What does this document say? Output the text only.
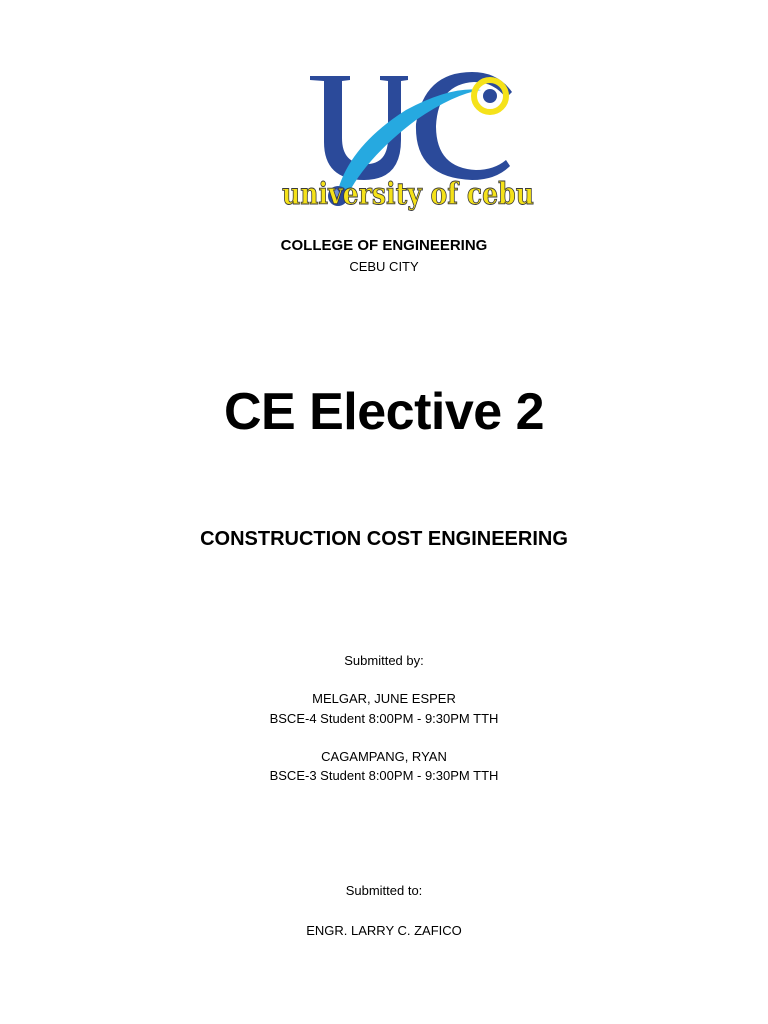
university of cebu

COLLEGE OF ENGINEERING

CEBU CITY

CE Elective 2
CONSTRUCTION COST ENGINEERING

Submitted by:

MELGAR, JUNE ESPER

BSCE-4 Student 8:00PM - 9:30PM TTH

CAGAMPANG, RYAN

BSCE-3 Student 8:00PM - 9:30PM TTH

Submitted to:

ENGR. LARRY C. ZAFICO
